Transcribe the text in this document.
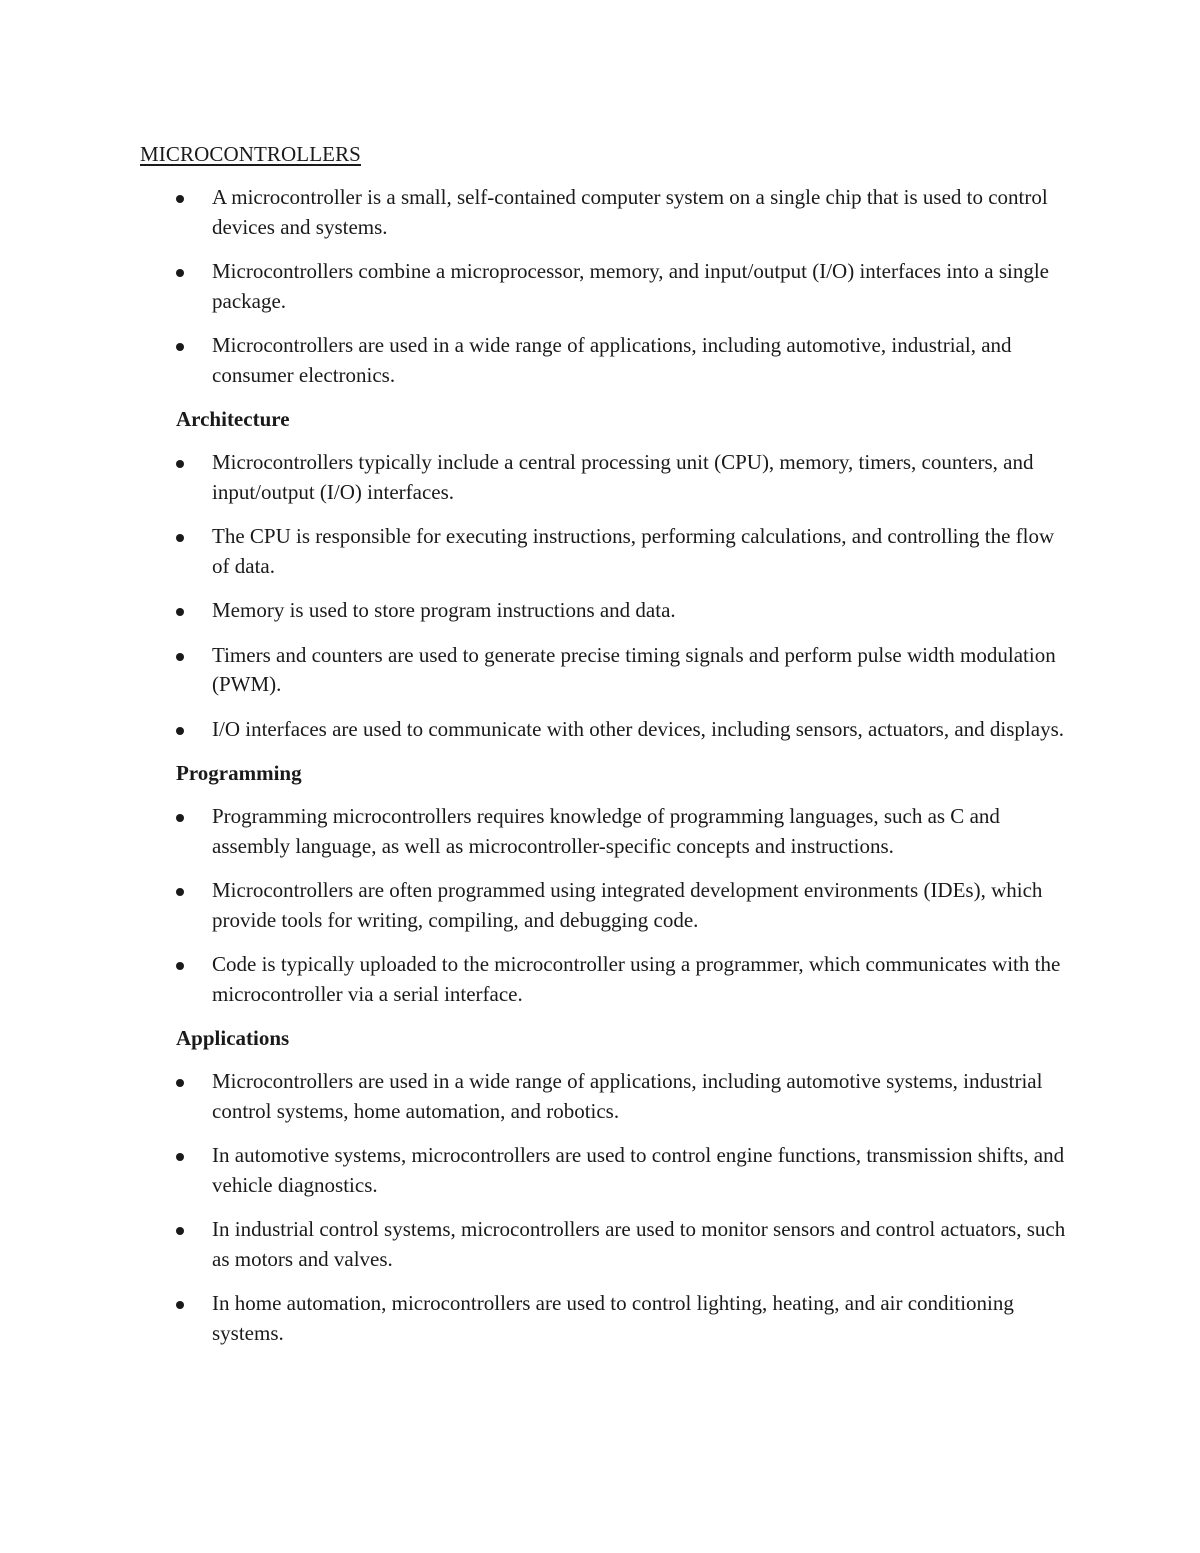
MICROCONTROLLERS
A microcontroller is a small, self-contained computer system on a single chip that is used to control devices and systems.
Microcontrollers combine a microprocessor, memory, and input/output (I/O) interfaces into a single package.
Microcontrollers are used in a wide range of applications, including automotive, industrial, and consumer electronics.
Architecture
Microcontrollers typically include a central processing unit (CPU), memory, timers, counters, and input/output (I/O) interfaces.
The CPU is responsible for executing instructions, performing calculations, and controlling the flow of data.
Memory is used to store program instructions and data.
Timers and counters are used to generate precise timing signals and perform pulse width modulation (PWM).
I/O interfaces are used to communicate with other devices, including sensors, actuators, and displays.
Programming
Programming microcontrollers requires knowledge of programming languages, such as C and assembly language, as well as microcontroller-specific concepts and instructions.
Microcontrollers are often programmed using integrated development environments (IDEs), which provide tools for writing, compiling, and debugging code.
Code is typically uploaded to the microcontroller using a programmer, which communicates with the microcontroller via a serial interface.
Applications
Microcontrollers are used in a wide range of applications, including automotive systems, industrial control systems, home automation, and robotics.
In automotive systems, microcontrollers are used to control engine functions, transmission shifts, and vehicle diagnostics.
In industrial control systems, microcontrollers are used to monitor sensors and control actuators, such as motors and valves.
In home automation, microcontrollers are used to control lighting, heating, and air conditioning systems.
